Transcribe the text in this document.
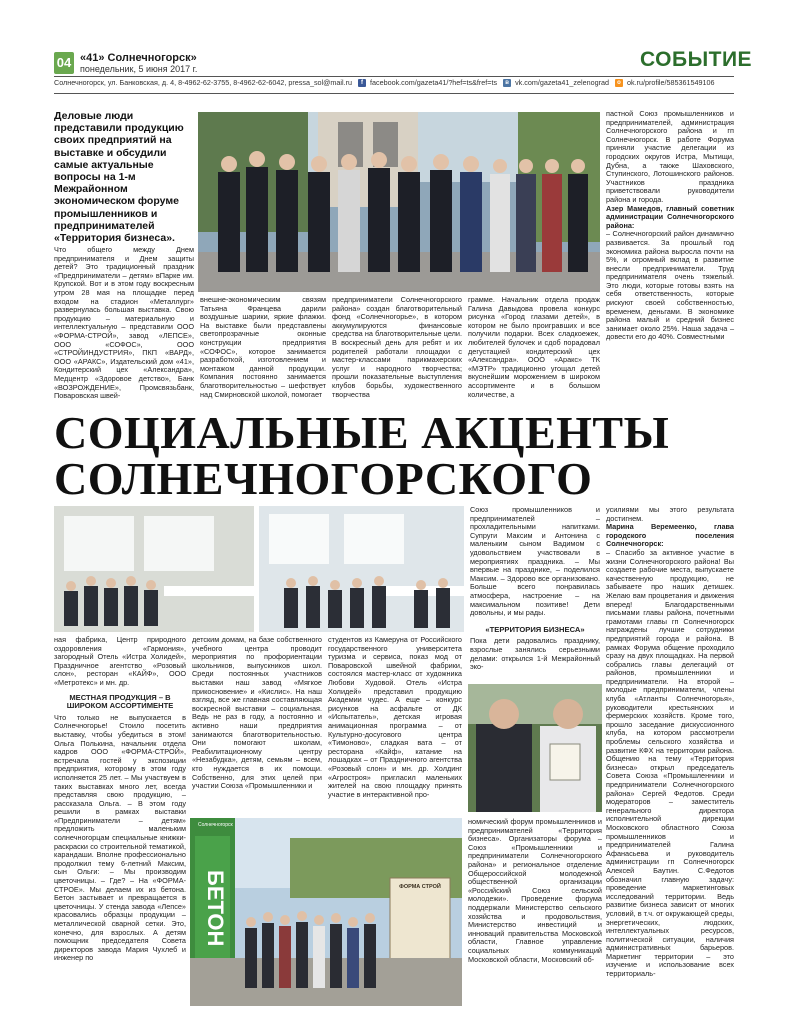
04 «41» Солнечногорск»
понедельник, 5 июня 2017 г.	СОБЫТИЕ
Солнечногорск, ул. Банковская, д. 4, 8-4962-62-3755, 8-4962-62-6042, pressa_sol@mail.ru f facebook.com/gazeta41/?hef=ts&fref=ts в vk.com/gazeta41_zelenograd о ok.ru/profile/585361549106
Деловые люди представили продукцию своих предприятий на выставке и обсудили самые актуальные вопросы на 1-м Межрайонном экономическом форуме промышленников и предпринимателей «Территория бизнеса».

Что общего между Днем предпринимателя и Днем защиты детей? Это традиционный праздник «Предприниматели – детям» вПарке им. Крупской. Вот и в этом году воскресным утром 28 мая на площадке перед входом на стадион «Металлург» развернулась большая выставка. Свою продукцию – материальную и интеллектуальную – представили ООО «ФОРМА-СТРОЙ», завод «ЛЕПСЕ», ООО «СОФОС», ООО «СТРОЙИНДУСТРИЯ», ПКП «ВАРД», ООО «АРАКС», Издательский дом «41», Кондитерский цех «Александра», Медцентр «Здоровое детство», Банк «ВОЗРОЖДЕНИЕ», Промсвязьбанк, Поваровская швей-

внешне-экономическим связям Татьяна Францева дарили воздушные шарики, яркие флажки. На выставке были представлены светопрозрачные оконные конструкции предприятия «СОФОС», которое занимается разработкой, изготовлением и монтажом данной продукции. Компания постоянно занимается благотворительностью – шефствует над Смирновской школой, помогает

предприниматели Солнечногорского района» создан благотворительный фонд «Солнечногорье», в котором аккумулируются финансовые средства на благотворительные цели. В воскресный день для ребят и их родителей работали площадки с мастер-классами парикмахерских услуг и народного творчества; прошли показательные выступления клубов борьбы, художественного творчества

грамме. Начальник отдела продаж Галина Давыдова провела конкурс рисунка «Город глазами детей», в котором не было проигравших и все получили подарки. Всех сладкоежек, любителей булочек и сдоб порадовал дегустацией кондитерский цех «Александра». ООО «Аракс» ТК «МЭТР» традиционно угощал детей вкуснейшим морожением в широком ассортименте и в большом количестве, а

пастной Союз промышленников и предпринимателей, администрация Солнечногорского района и гп Солнечногорск. В работе Форума приняли участие делегации из городских округов Истра, Мытищи, Дубна, а также Шаховского, Ступинского, Лотошинского районов. Участников праздника приветствовали руководители района и города.

Азер Мамедов, главный советник администрации Солнечногорского района:

– Солнечногорский район динамично развивается. За прошлый год экономика района выросла почти на 5%, и огромный вклад в развитие внесли предприниматели. Труд предпринимателя очень тяжелый. Это люди, которые готовы взять на себя ответственность, которые рискуют своей собственностью, временем, деньгами. В экономике района малый и средний бизнес занимает около 25%. Наша задача – довести его до 40%. Совместными

СОЦИАЛЬНЫЕ АКЦЕНТЫ
СОЛНЕЧНОГОРСКОГО

Союз промышленников и предпринимателей – прохладительными напитками. Супруги Максим и Антонина с маленьким сыном Вадимом с удовольствием участвовали в мероприятиях праздника. – Мы впервые на празднике, – поделился Максим. – Здорово все организовано. Больше всего понравилась атмосфера, настроение – на максимальном позитиве! Дети довольны, и мы рады.

«ТЕРРИТОРИЯ БИЗНЕСА»

Пока дети радовались празднику, взрослые занялись серьезными делами: открылся 1-й Межрайонный эко-

усилиями мы этого результата достигнем.

Марина Веремеенко, глава городского поселения Солнечногорск:

– Спасибо за активное участие в жизни Солнечногорского района! Вы создаете рабочие места, выпускаете качественную продукцию, не забываете про наших детишек. Желаю вам процветания и движения вперед! Благодарственными письмами главы района, почетными грамотами главы гп Солнечногорск награждены лучшие сотрудники предприятий города и района. В рамках Форума общение проходило сразу на двух площадках. На первой собрались главы делегаций от районов, промышленники и предприниматели. На второй – молодые предприниматели, члены клуба «Атланты Солнечногорья», руководители крестьянских и фермерских хозяйств. Кроме того, прошло заседание дискуссионного клуба, на котором рассмотрели проблемы сельского хозяйства и развитие КФХ на территории района. Общению на тему «Территория бизнеса» открыл председатель Совета Союза «Промышленники и предприниматели Солнечногорского района» Сергей Федотов. Среди модераторов – заместитель генерального директора исполнительной дирекции Московского областного Союза промышленников и предпринимателей Галина Афанасьева и руководитель администрации гп Солнечногорск Алексей Баутин. С.Федотов обозначил главную задачу: проведение маркетинговых исследований территории. Ведь развитие бизнеса зависит от многих условий, в т.ч. от окружающей среды, энергетических, людских, интеллектуальных ресурсов, политической ситуации, наличия административных барьеров. Маркетинг территории – это изучение и использование всех территориаль-

ная фабрика, Центр природного оздоровления «Гармония», загородный Отель «Истра Холидей», Праздничное агентство «Розовый слон», ресторан «КАЙФ», ООО «Метротекс» и мн. др.

МЕСТНАЯ ПРОДУКЦИЯ – В ШИРОКОМ АССОРТИМЕНТЕ

Что только не выпускается в Солнечногорье! Стоило посетить выставку, чтобы убедиться в этом! Ольга Полькина, начальник отдела кадров ООО «ФОРМА-СТРОЙ», встречала гостей у экспозиции предприятия, которому в этом году исполняется 25 лет. – Мы участвуем в таких выставках много лет, всегда представляя свою продукцию, – рассказала Ольга. – В этом году решили в рамках выставки «Предприниматели – детям» предложить маленьким солнечногорцам специальные книжки-раскраски со строительной тематикой, карандаши. Вполне профессионально продолжил тему 6-летний Максим, сын Ольги: – Мы производим цветочницы. – Где? – На «ФОРМА-СТРОЕ». Мы делаем их из бетона. Бетон застывает и превращается в цветочницы. У стенда завода «Лепсе» красовались образцы продукции – металлической сварной сетки. Это, конечно, для взрослых. А детям помощник председателя Совета директоров завода Мария Чухлеб и инженер по

детским домам, на базе собственного учебного центра проводит мероприятия по профориентации школьников, выпускников школ. Среди постоянных участников выставки наш завод «Мягкое прикосновение» и «Кислис». На наш взгляд, все же главная составляющая воскресной выставки – социальная. Ведь не раз в году, а постоянно и активно наши предприятия занимаются благотворительностью. Они помогают школам, Реабилитационному центру «Незабудка», детям, семьям – всем, кто нуждается в их помощи. Собственно, для этих целей при участии Союза «Промышленники и

студентов из Камеруна от Российского государственного университета туризма и сервиса, показ мод от Поваровской швейной фабрики, состоялся мастер-класс от художника Любови Худовой. Отель «Истра Холидей» представил продукцию Академии чудес. А еще – конкурс рисунков на асфальте от ДК «Испытатель», детская игровая анимационная программа – от Культурно-досугового центра «Тимоново», сладкая вата – от ресторана «Кайф», катание на лошадках – от Праздничного агентства «Розовый слон» и мн. др. Холдинг «Агростроя» пригласил маленьких жителей на свою площадку принять участие в интерактивной про-

Солнечногорск
БЕТОН	ФОРМА СТРОЙ

номический форум промышленников и предпринимателей «Территория бизнеса». Организаторы форума – Союз «Промышленники и предприниматели Солнечногорского района» и региональное отделение Общероссийской молодежной общественной организации «Российский Союз сельской молодежи». Проведение форума поддержали Министерство сельского хозяйства и продовольствия, Министерство инвестиций и инноваций правительства Московской области, Главное управление социальных коммуникаций Московской области, Московский об-
